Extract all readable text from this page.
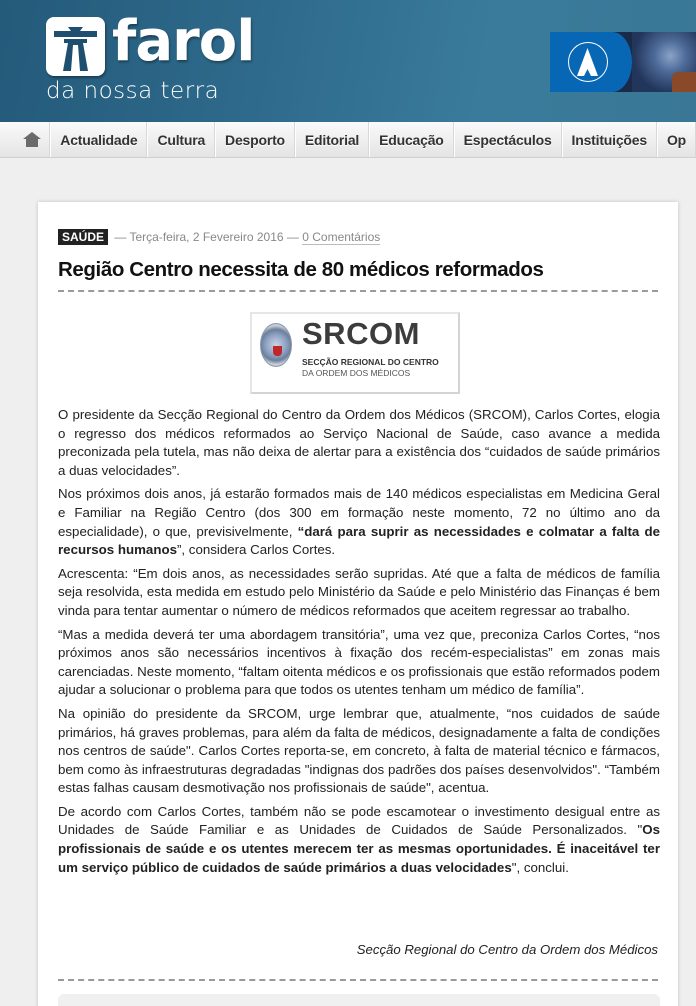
farol
da nossa terra
Actualidade	Cultura	Desporto	Editorial	Educação	Espectáculos	Instituições	Op
SAÚDE — Terça-feira, 2 Fevereiro 2016 — 0 Comentários
Região Centro necessita de 80 médicos reformados
SRCOM
SECÇÃO REGIONAL DO CENTRO
DA ORDEM DOS MÉDICOS

O presidente da Secção Regional do Centro da Ordem dos Médicos (SRCOM), Carlos Cortes, elogia o regresso dos médicos reformados ao Serviço Nacional de Saúde, caso avance a medida preconizada pela tutela, mas não deixa de alertar para a existência dos “cuidados de saúde primários a duas velocidades”.

Nos próximos dois anos, já estarão formados mais de 140 médicos especialistas em Medicina Geral e Familiar na Região Centro (dos 300 em formação neste momento, 72 no último ano da especialidade), o que, previsivelmente, “dará para suprir as necessidades e colmatar a falta de recursos humanos”, considera Carlos Cortes.

Acrescenta: “Em dois anos, as necessidades serão supridas. Até que a falta de médicos de família seja resolvida, esta medida em estudo pelo Ministério da Saúde e pelo Ministério das Finanças é bem vinda para tentar aumentar o número de médicos reformados que aceitem regressar ao trabalho.

“Mas a medida deverá ter uma abordagem transitória”, uma vez que, preconiza Carlos Cortes, “nos próximos anos são necessários incentivos à fixação dos recém-especialistas” em zonas mais carenciadas. Neste momento, “faltam oitenta médicos e os profissionais que estão reformados podem ajudar a solucionar o problema para que todos os utentes tenham um médico de família”.

Na opinião do presidente da SRCOM, urge lembrar que, atualmente, “nos cuidados de saúde primários, há graves problemas, para além da falta de médicos, designadamente a falta de condições nos centros de saúde". Carlos Cortes reporta-se, em concreto, à falta de material técnico e fármacos, bem como às infraestruturas degradadas "indignas dos padrões dos países desenvolvidos". “Também estas falhas causam desmotivação nos profissionais de saúde", acentua.

De acordo com Carlos Cortes, também não se pode escamotear o investimento desigual entre as Unidades de Saúde Familiar e as Unidades de Cuidados de Saúde Personalizados. "Os profissionais de saúde e os utentes merecem ter as mesmas oportunidades. É inaceitável ter um serviço público de cuidados de saúde primários a duas velocidades", conclui.

Secção Regional do Centro da Ordem dos Médicos
